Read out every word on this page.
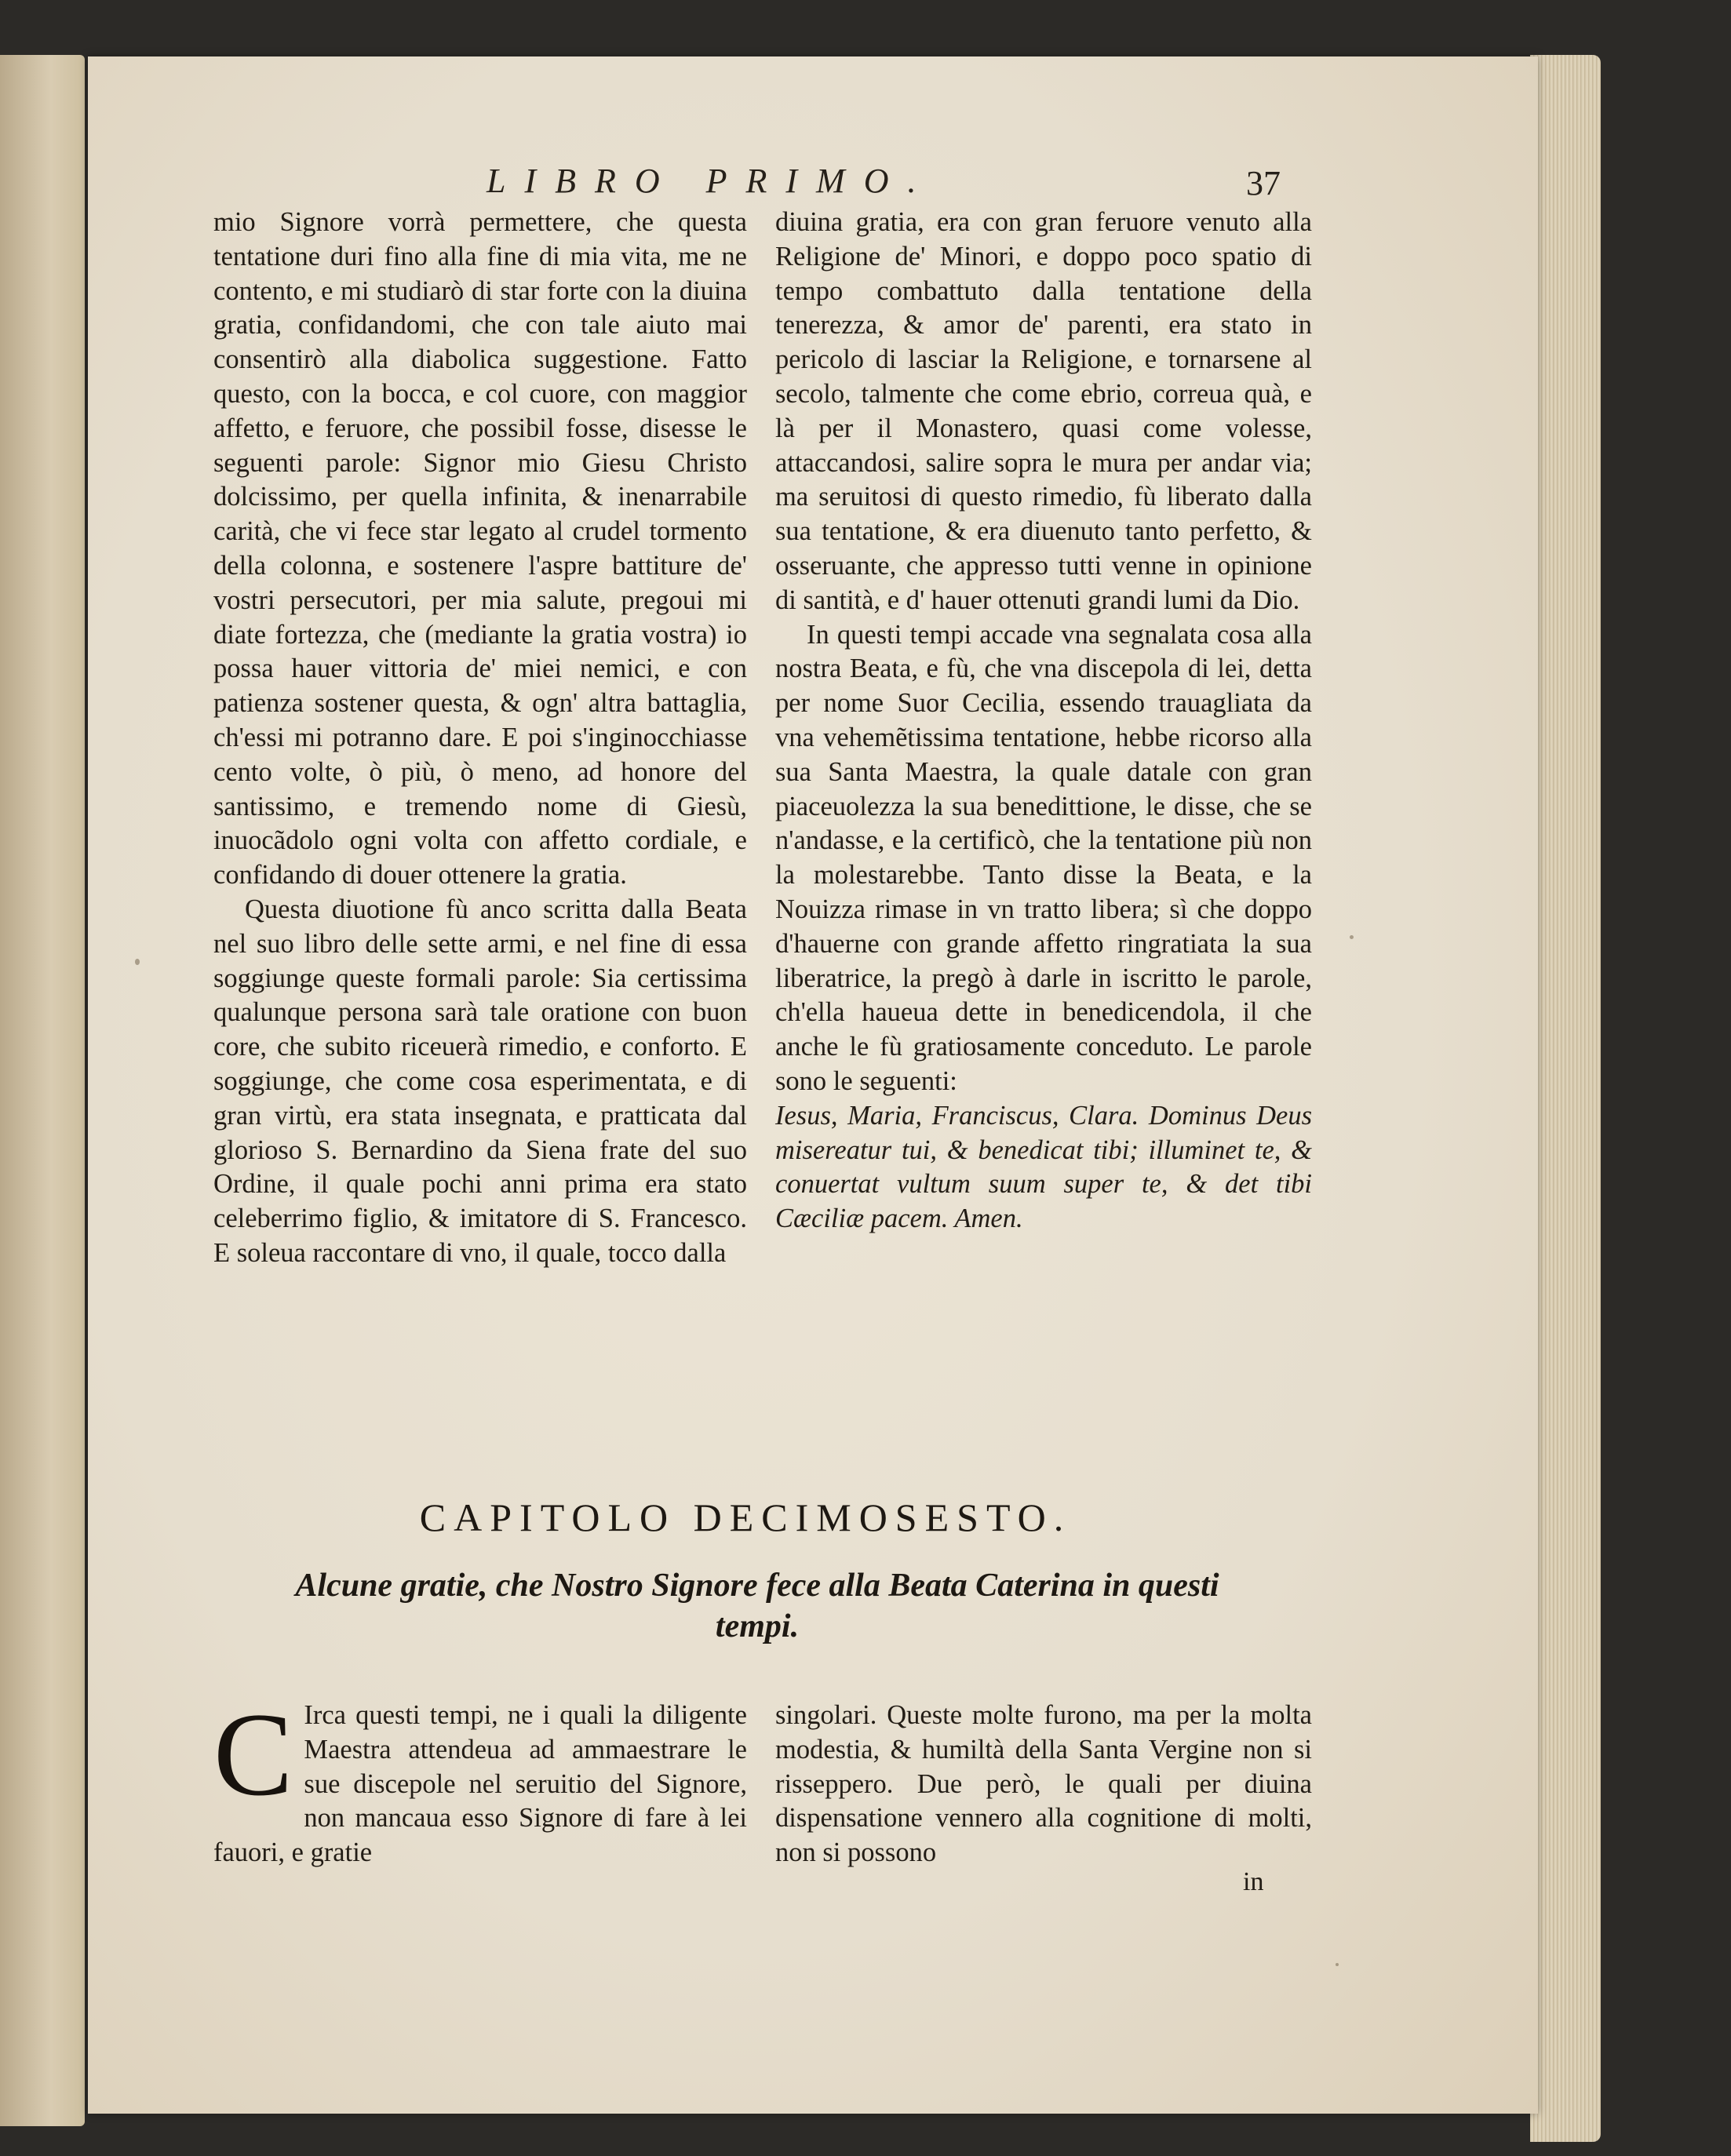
LIBRO PRIMO.	37

mio Signore vorrà permettere, che questa tentatione duri fino alla fine di mia vita, me ne contento, e mi studiarò di star forte con la diuina gratia, confidandomi, che con tale aiuto mai consentirò alla diabolica suggestione. Fatto questo, con la bocca, e col cuore, con maggior affetto, e feruore, che possibil fosse, disesse le seguenti parole: Signor mio Giesu Christo dolcissimo, per quella infinita, & inenarrabile carità, che vi fece star legato al crudel tormento della colonna, e sostenere l'aspre battiture de' vostri persecutori, per mia salute, pregoui mi diate fortezza, che (mediante la gratia vostra) io possa hauer vittoria de' miei nemici, e con patienza sostener questa, & ogn' altra battaglia, ch'essi mi potranno dare. E poi s'inginocchiasse cento volte, ò più, ò meno, ad honore del santissimo, e tremendo nome di Giesù, inuocãdolo ogni volta con affetto cordiale, e confidando di douer ottenere la gratia.

Questa diuotione fù anco scritta dalla Beata nel suo libro delle sette armi, e nel fine di essa soggiunge queste formali parole: Sia certissima qualunque persona sarà tale oratione con buon core, che subito riceuerà rimedio, e conforto. E soggiunge, che come cosa esperimentata, e di gran virtù, era stata insegnata, e pratticata dal glorioso S. Bernardino da Siena frate del suo Ordine, il quale pochi anni prima era stato celeberrimo figlio, & imitatore di S. Francesco. E soleua raccontare di vno, il quale, tocco dalla

diuina gratia, era con gran feruore venuto alla Religione de' Minori, e doppo poco spatio di tempo combattuto dalla tentatione della tenerezza, & amor de' parenti, era stato in pericolo di lasciar la Religione, e tornarsene al secolo, talmente che come ebrio, correua quà, e là per il Monastero, quasi come volesse, attaccandosi, salire sopra le mura per andar via; ma seruitosi di questo rimedio, fù liberato dalla sua tentatione, & era diuenuto tanto perfetto, & osseruante, che appresso tutti venne in opinione di santità, e d' hauer ottenuti grandi lumi da Dio.

In questi tempi accade vna segnalata cosa alla nostra Beata, e fù, che vna discepola di lei, detta per nome Suor Cecilia, essendo trauagliata da vna vehemẽtissima tentatione, hebbe ricorso alla sua Santa Maestra, la quale datale con gran piaceuolezza la sua benedittione, le disse, che se n'andasse, e la certificò, che la tentatione più non la molestarebbe. Tanto disse la Beata, e la Nouizza rimase in vn tratto libera; sì che doppo d'hauerne con grande affetto ringratiata la sua liberatrice, la pregò à darle in iscritto le parole, ch'ella haueua dette in benedicendola, il che anche le fù gratiosamente conceduto. Le parole sono le seguenti:

Iesus, Maria, Franciscus, Clara. Dominus Deus misereatur tui, & benedicat tibi; illuminet te, & conuertat vultum suum super te, & det tibi Cæciliæ pacem. Amen.

CAPITOLO DECIMOSESTO.
Alcune gratie, che Nostro Signore fece alla Beata Caterina in questi tempi.

C Irca questi tempi, ne i quali la diligente Maestra attendeua ad ammaestrare le sue discepole nel seruitio del Signore, non mancaua esso Signore di fare à lei fauori, e gratie

singolari. Queste molte furono, ma per la molta modestia, & humiltà della Santa Vergine non si risseppero. Due però, le quali per diuina dispensatione vennero alla cognitione di molti, non si possono

in
